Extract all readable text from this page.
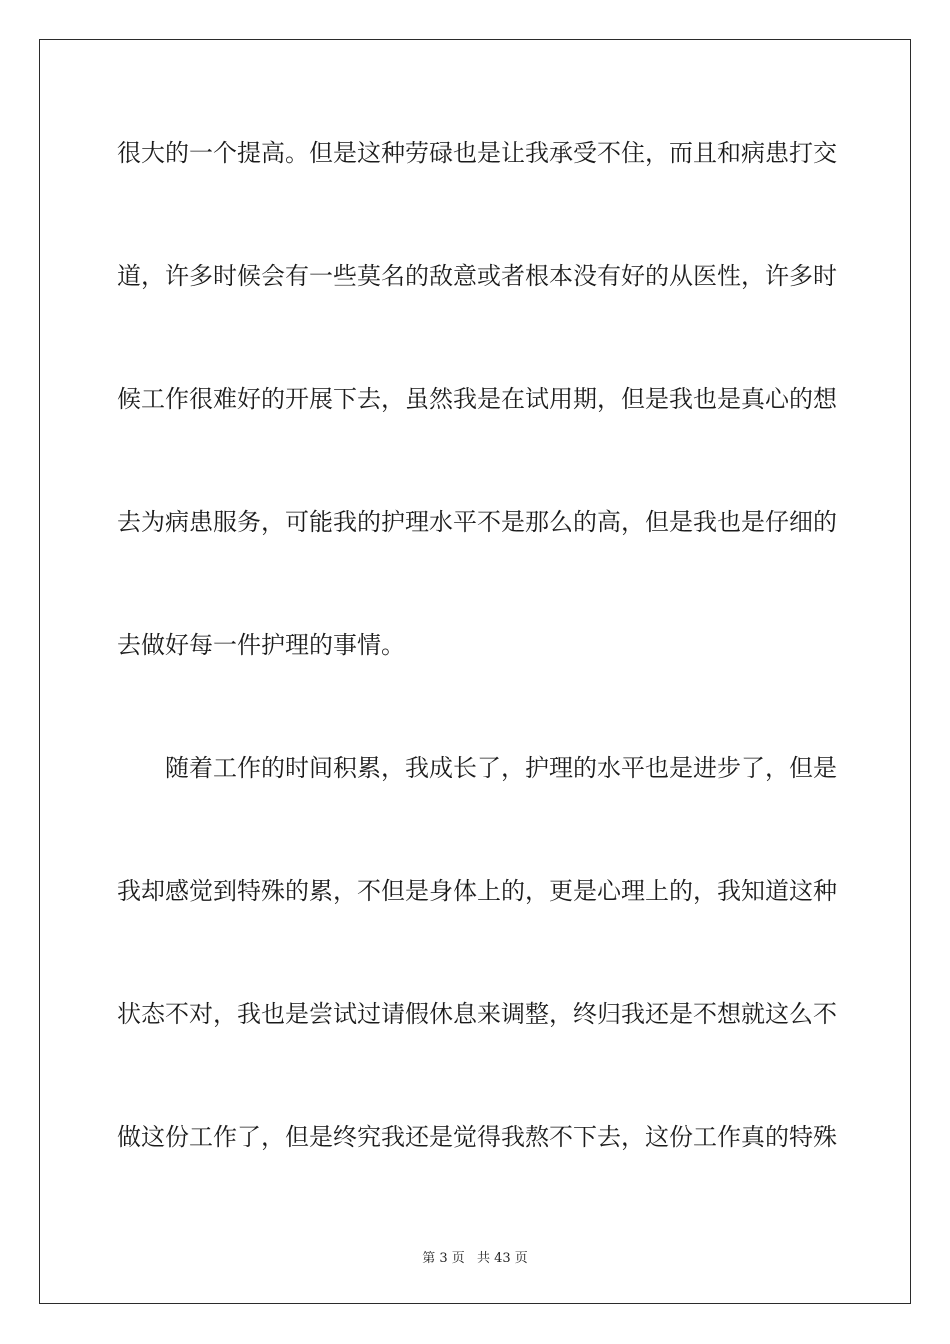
很大的一个提高。但是这种劳碌也是让我承受不住，而且和病患打交
道，许多时候会有一些莫名的敌意或者根本没有好的从医性，许多时
候工作很难好的开展下去，虽然我是在试用期，但是我也是真心的想
去为病患服务，可能我的护理水平不是那么的高，但是我也是仔细的
去做好每一件护理的事情。
随着工作的时间积累，我成长了，护理的水平也是进步了，但是
我却感觉到特殊的累，不但是身体上的，更是心理上的，我知道这种
状态不对，我也是尝试过请假休息来调整，终归我还是不想就这么不
做这份工作了，但是终究我还是觉得我熬不下去，这份工作真的特殊
第 3 页 共 43 页
